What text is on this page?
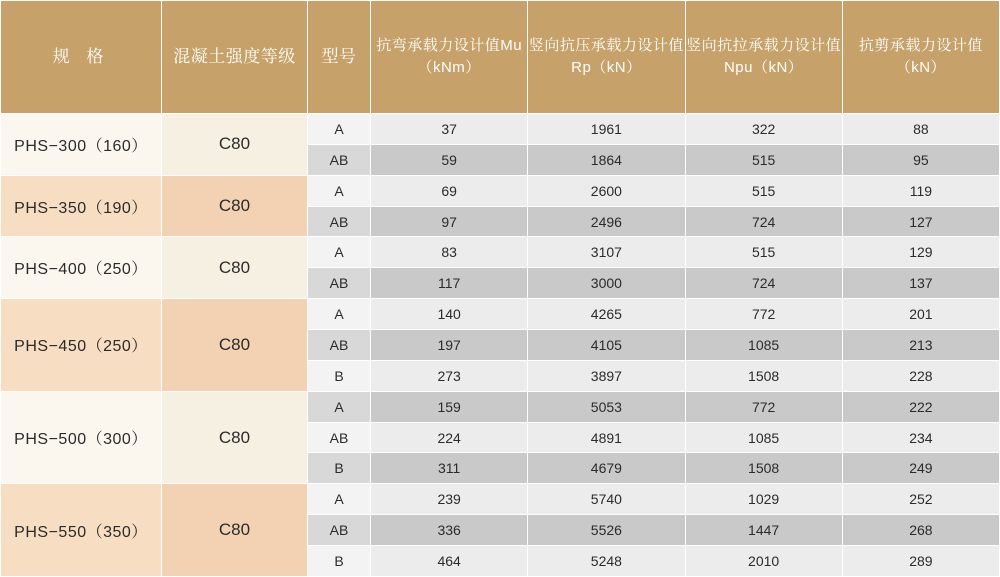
规 格	混凝土强度等级	型号	抗弯承载力设计值Mu（kNm）	竖向抗压承载力设计值Rp（kN）	竖向抗拉承载力设计值Npu（kN）	抗剪承载力设计值（kN）
PHS−300（160）	C80	A	37	1961	322	88
		AB	59	1864	515	95
PHS−350（190）	C80	A	69	2600	515	119
		AB	97	2496	724	127
PHS−400（250）	C80	A	83	3107	515	129
		AB	117	3000	724	137
PHS−450（250）	C80	A	140	4265	772	201
		AB	197	4105	1085	213
		B	273	3897	1508	228
PHS−500（300）	C80	A	159	5053	772	222
		AB	224	4891	1085	234
		B	311	4679	1508	249
PHS−550（350）	C80	A	239	5740	1029	252
		AB	336	5526	1447	268
		B	464	5248	2010	289
